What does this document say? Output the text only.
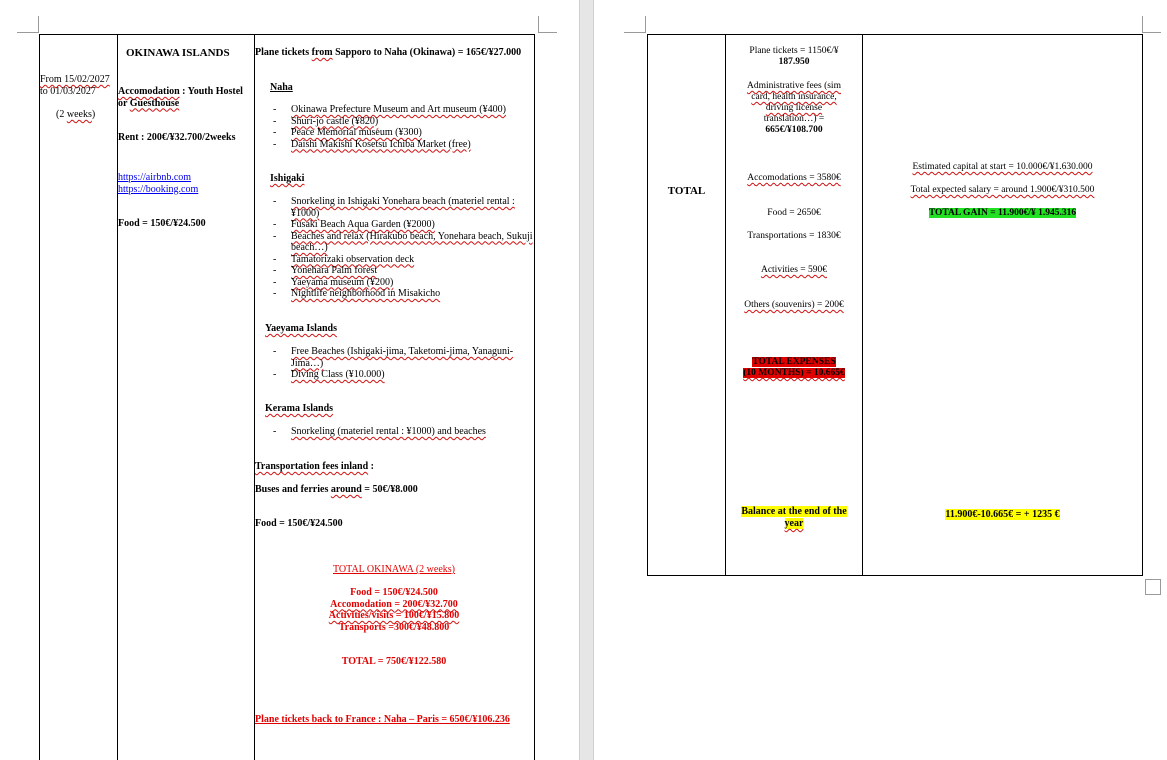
From 15/02/2027
to 01/03/2027
(2 weeks)
OKINAWA ISLANDS
Accomodation : Youth Hostel or Guesthouse
Rent : 200€/¥32.700/2weeks
https://airbnb.com
https://booking.com
Food = 150€/¥24.500
Plane tickets from Sapporo to Naha (Okinawa) = 165€/¥27.000
Naha
- Okinawa Prefecture Museum and Art museum (¥400)
- Shuri-jo castle (¥820)
- Peace Memorial museum (¥300)
- Daishi Makishi Kosetsu Ichiba Market (free)
Ishigaki
- Snorkeling in Ishigaki Yonehara beach (materiel rental : ¥1000)
- Fusaki Beach Aqua Garden (¥2000)
- Beaches and relax (Hirakubo beach, Yonehara beach, Sukuji beach…)
- Tamatorizaki observation deck
- Yonehara Palm forest
- Yaeyama museum (¥200)
- Nightlife neighborhood in Misakicho
Yaeyama Islands
- Free Beaches (Ishigaki-jima, Taketomi-jima, Yanaguni-Jima…)
- Diving Class (¥10.000)
Kerama Islands
- Snorkeling (materiel rental : ¥1000) and beaches
Transportation fees inland :
Buses and ferries around = 50€/¥8.000
Food = 150€/¥24.500
TOTAL OKINAWA (2 weeks)
Food = 150€/¥24.500
Accomodation = 200€/¥32.700
Activities/visits = 100€/¥15.800
Transports =300€/¥48.800
TOTAL = 750€/¥122.580
Plane tickets back to France : Naha – Paris = 650€/¥106.236
TOTAL
Plane tickets = 1150€/¥
187.950
Administrative fees (sim
card, health insurance,
driving license
translation…) =
665€/¥108.700
Accomodations = 3580€
Food = 2650€
Transportations = 1830€
Activities = 590€
Others (souvenirs) = 200€
TOTAL EXPENSES
(10 MONTHS) = 10.665€
Balance at the end of the
year
Estimated capital at start = 10.000€/¥1.630.000
Total expected salary = around 1.900€/¥310.500
TOTAL GAIN = 11.900€/¥ 1.945.316
11.900€-10.665€ = + 1235 €
